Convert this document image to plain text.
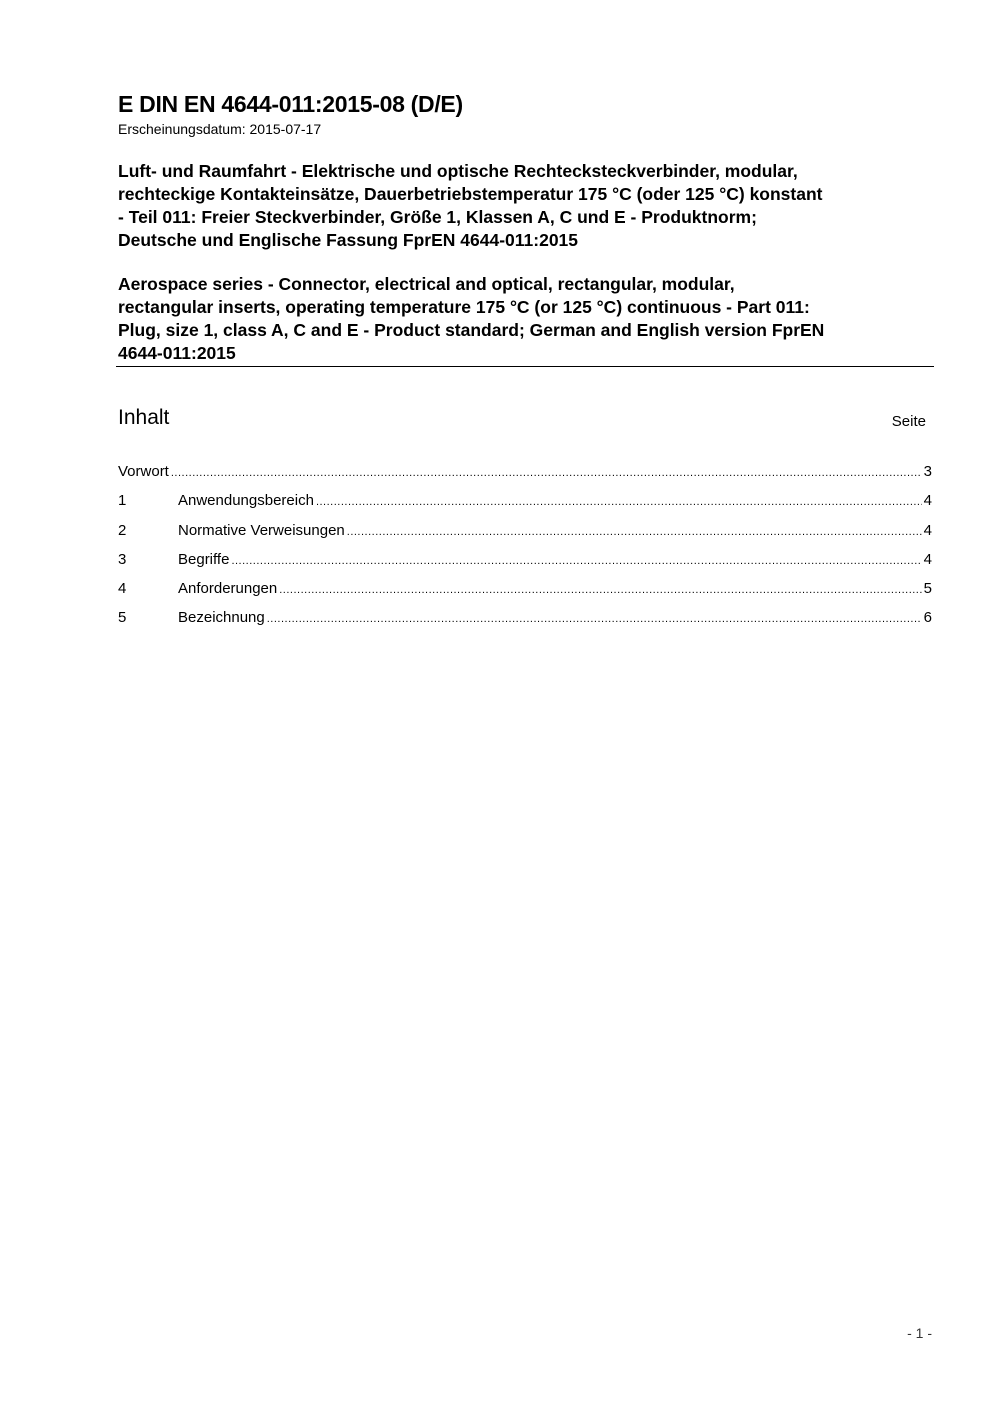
E DIN EN 4644-011:2015-08 (D/E)
Erscheinungsdatum: 2015-07-17
Luft- und Raumfahrt - Elektrische und optische Rechtecksteckverbinder, modular,
rechteckige Kontakteinsätze, Dauerbetriebstemperatur 175 °C (oder 125 °C) konstant
- Teil 011: Freier Steckverbinder, Größe 1, Klassen A, C und E - Produktnorm;
Deutsche und Englische Fassung FprEN 4644-011:2015
Aerospace series - Connector, electrical and optical, rectangular, modular,
rectangular inserts, operating temperature 175 °C (or 125 °C) continuous - Part 011:
Plug, size 1, class A, C and E - Product standard; German and English version FprEN
4644-011:2015
Inhalt	Seite
Vorwort .....	3
1	Anwendungsbereich .....	4
2	Normative Verweisungen .....	4
3	Begriffe .....	4
4	Anforderungen .....	5
5	Bezeichnung .....	6
- 1 -
